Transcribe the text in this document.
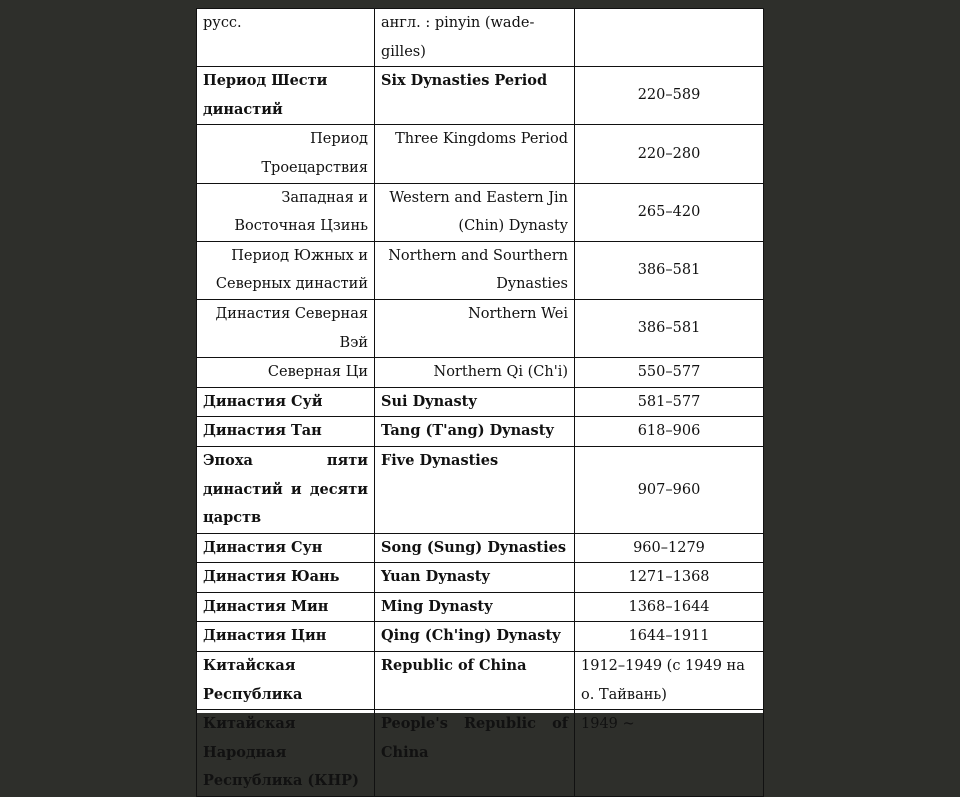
русс.	англ. : pinyin (wade-gilles)	
Период Шести династий	Six Dynasties Period	220–589
Период Троецарствия	Three Kingdoms Period	220–280
Западная и Восточная Цзинь	Western and Eastern Jin (Chin) Dynasty	265–420
Период Южных и Северных династий	Northern and Sourthern Dynasties	386–581
Династия Северная Вэй	Northern Wei	386–581
Северная Ци	Northern Qi (Ch'i)	550–577
Династия Суй	Sui Dynasty	581–577
Династия Тан	Tang (T'ang) Dynasty	618–906
Эпоха пяти династий и десяти царств	Five Dynasties	907–960
Династия Сун	Song (Sung) Dynasties	960–1279
Династия Юань	Yuan Dynasty	1271–1368
Династия Мин	Ming Dynasty	1368–1644
Династия Цин	Qing (Ch'ing) Dynasty	1644–1911
Китайская Республика	Republic of China	1912–1949 (с 1949 на о. Тайвань)
Китайская Народная Республика (КНР)	People's Republic of China	1949 ~
